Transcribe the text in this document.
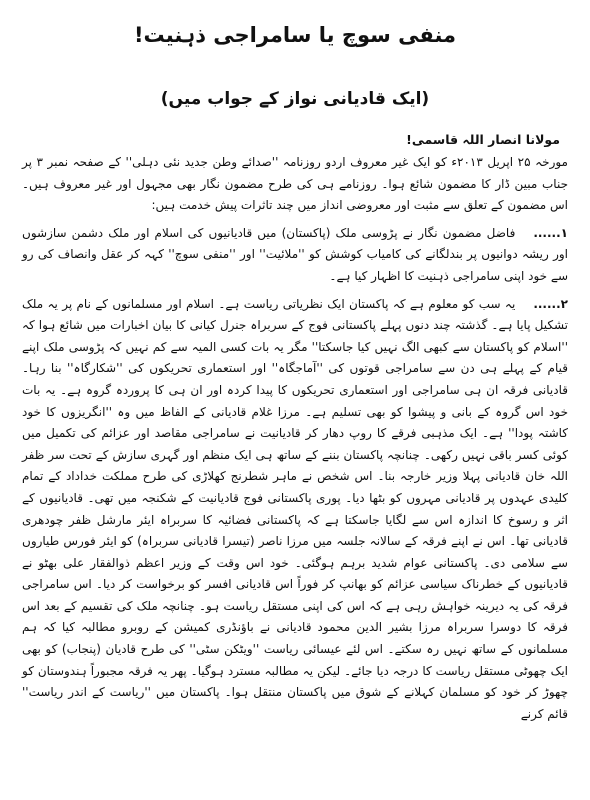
منفی سوچ یا سامراجی ذہنیت!
(ایک قادیانی نواز کے جواب میں)
مولانا انصار اللہ قاسمی!

مورخہ ۲۵ اپریل ۲۰۱۳ء کو ایک غیر معروف اردو روزنامہ ''صدائے وطن جدید نئی دہلی'' کے صفحہ نمبر ۳ پر جناب مبین ڈار کا مضمون شائع ہوا۔ روزنامے ہی کی طرح مضمون نگار بھی مجہول اور غیر معروف ہیں۔ اس مضمون کے تعلق سے مثبت اور معروضی انداز میں چند تاثرات پیش خدمت ہیں:

۱......فاضل مضمون نگار نے پڑوسی ملک (پاکستان) میں قادیانیوں کی اسلام اور ملک دشمن سازشوں اور ریشہ دوانیوں پر بندلگانے کی کامیاب کوشش کو ''ملائیت'' اور ''منفی سوچ'' کہہ کر عقل وانصاف کی رو سے خود اپنی سامراجی ذہنیت کا اظہار کیا ہے۔

۲......یہ سب کو معلوم ہے کہ پاکستان ایک نظریاتی ریاست ہے۔ اسلام اور مسلمانوں کے نام پر یہ ملک تشکیل پایا ہے۔ گذشتہ چند دنوں پہلے پاکستانی فوج کے سربراہ جنرل کیانی کا بیان اخبارات میں شائع ہوا کہ ''اسلام کو پاکستان سے کبھی الگ نہیں کیا جاسکتا'' مگر یہ بات کسی المیہ سے کم نہیں کہ پڑوسی ملک اپنے قیام کے پہلے ہی دن سے سامراجی قوتوں کی ''آماجگاہ'' اور استعماری تحریکوں کی ''شکارگاہ'' بنا رہا۔ قادیانی فرقہ ان ہی سامراجی اور استعماری تحریکوں کا پیدا کردہ اور ان ہی کا پروردہ گروہ ہے۔ یہ بات خود اس گروہ کے بانی و پیشوا کو بھی تسلیم ہے۔ مرزا غلام قادیانی کے الفاظ میں وہ ''انگریزوں کا خود کاشتہ پودا'' ہے۔ ایک مذہبی فرقے کا روپ دھار کر قادیانیت نے سامراجی مقاصد اور عزائم کی تکمیل میں کوئی کسر باقی نہیں رکھی۔ چنانچہ پاکستان بننے کے ساتھ ہی ایک منظم اور گہری سازش کے تحت سر ظفر اللہ خان قادیانی پہلا وزیر خارجہ بنا۔ اس شخص نے ماہر شطرنج کھلاڑی کی طرح مملکت خداداد کے تمام کلیدی عہدوں پر قادیانی مہروں کو بٹھا دیا۔ پوری پاکستانی فوج قادیانیت کے شکنجہ میں تھی۔ قادیانیوں کے اثر و رسوخ کا اندازہ اس سے لگایا جاسکتا ہے کہ پاکستانی فضائیہ کا سربراہ ایئر مارشل ظفر چودھری قادیانی تھا۔ اس نے اپنے فرقہ کے سالانہ جلسہ میں مرزا ناصر (تیسرا قادیانی سربراہ) کو ایئر فورس طیاروں سے سلامی دی۔ پاکستانی عوام شدید برہم ہوگئی۔ خود اس وقت کے وزیر اعظم ذوالفقار علی بھٹو نے قادیانیوں کے خطرناک سیاسی عزائم کو بھانپ کر فوراً اس قادیانی افسر کو برخواست کر دیا۔ اس سامراجی فرقہ کی یہ دیرینہ خواہش رہی ہے کہ اس کی اپنی مستقل ریاست ہو۔ چنانچہ ملک کی تقسیم کے بعد اس فرقہ کا دوسرا سربراہ مرزا بشیر الدین محمود قادیانی نے باؤنڈری کمیشن کے روبرو مطالبہ کیا کہ ہم مسلمانوں کے ساتھ نہیں رہ سکتے۔ اس لئے عیسائی ریاست ''ویٹکن سٹی'' کی طرح قادیان (پنجاب) کو بھی ایک چھوٹی مستقل ریاست کا درجہ دیا جائے۔ لیکن یہ مطالبہ مسترد ہوگیا۔ پھر یہ فرقہ مجبوراً ہندوستان کو چھوڑ کر خود کو مسلمان کہلانے کے شوق میں پاکستان منتقل ہوا۔ پاکستان میں ''ریاست کے اندر ریاست'' قائم کرنے
